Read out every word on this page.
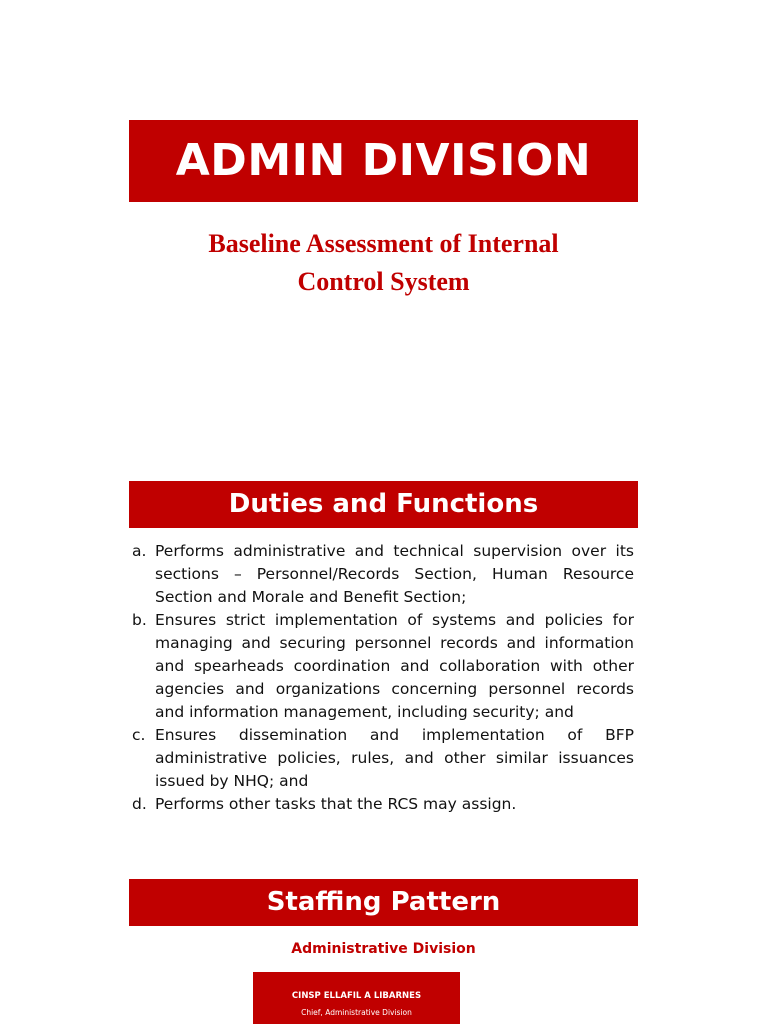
ADMIN DIVISION
Baseline Assessment of Internal
Control System
Duties and Functions
a. Performs administrative and technical supervision over its sections – Personnel/Records Section, Human Resource Section and Morale and Benefit Section;
b. Ensures strict implementation of systems and policies for managing and securing personnel records and information and spearheads coordination and collaboration with other agencies and organizations concerning personnel records and information management, including security; and
c. Ensures dissemination and implementation of BFP administrative policies, rules, and other similar issuances issued by NHQ; and
d. Performs other tasks that the RCS may assign.
Staffing Pattern
Administrative Division
CINSP ELLAFIL A LIBARNES
Chief, Administrative Division
